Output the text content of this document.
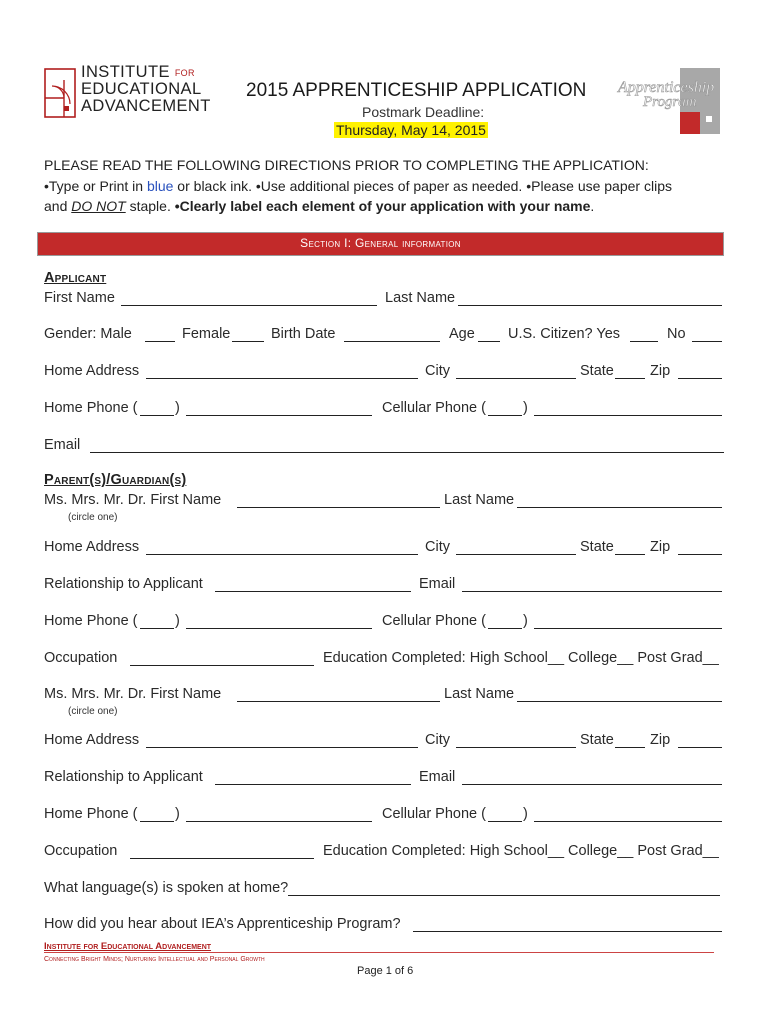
INSTITUTE $^{FOR}$
EDUCATIONAL
ADVANCEMENT
2015 APPRENTICESHIP APPLICATION
Postmark Deadline:
Thursday, May 14, 2015
Apprenticeship
Program
PLEASE READ THE FOLLOWING DIRECTIONS PRIOR TO COMPLETING THE APPLICATION:
•Type or Print in blue or black ink. •Use additional pieces of paper as needed. •Please use paper clips
and DO NOT staple. •Clearly label each element of your application with your name.
Section I: General information
Applicant
First Name	Last Name
Gender: Male	Female	Birth Date	Age U.S. Citizen? Yes	No
Home Address	City	State Zip
Home Phone (	)	Cellular Phone (	)
Email
Parent(s)/Guardian(s)
Ms. Mrs. Mr. Dr. First Name	Last Name
(circle one)
Home Address	City	State Zip
Relationship to Applicant	Email
Home Phone (	)	Cellular Phone (	)
Occupation	Education Completed: High School__ College__ Post Grad__
Ms. Mrs. Mr. Dr. First Name	Last Name
(circle one)
Home Address	City	State Zip
Relationship to Applicant	Email
Home Phone (	)	Cellular Phone (	)
Occupation	Education Completed: High School__ College__ Post Grad__
What language(s) is spoken at home?
How did you hear about IEA’s Apprenticeship Program?
Institute for Educational Advancement
Connecting Bright Minds; Nurturing Intellectual and Personal Growth
Page 1 of 6
